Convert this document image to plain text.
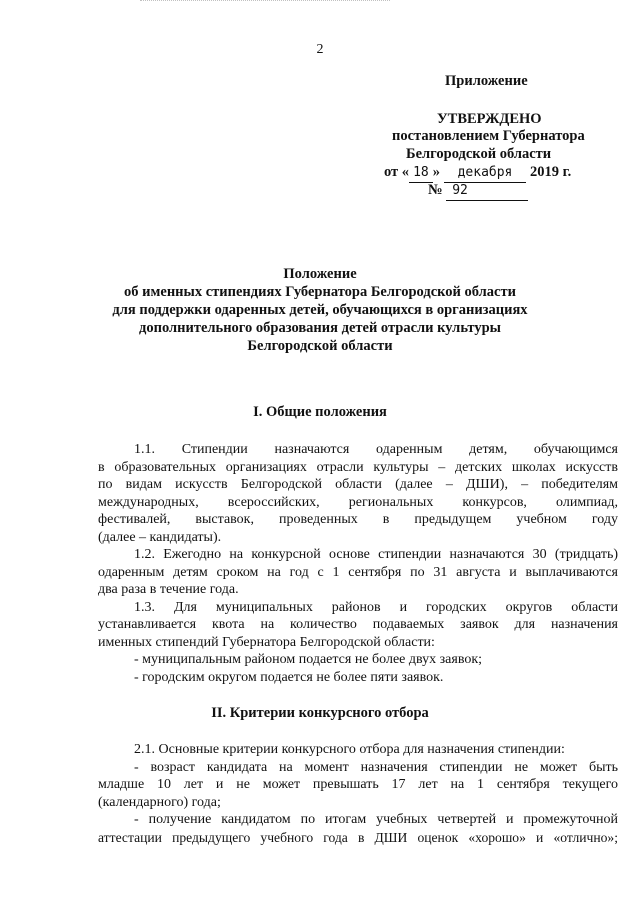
2
Приложение
УТВЕРЖДЕНО
постановлением Губернатора
Белгородской области
от « 18 » декабря 2019 г.
№ 92
Положение
об именных стипендиях Губернатора Белгородской области
для поддержки одаренных детей, обучающихся в организациях
дополнительного образования детей отрасли культуры
Белгородской области
I. Общие положения
1.1. Стипендии назначаются одаренным детям, обучающимся
в образовательных организациях отрасли культуры – детских школах искусств
по видам искусств Белгородской области (далее – ДШИ), – победителям
международных, всероссийских, региональных конкурсов, олимпиад,
фестивалей, выставок, проведенных в предыдущем учебном году
(далее – кандидаты).
1.2. Ежегодно на конкурсной основе стипендии назначаются 30 (тридцать)
одаренным детям сроком на год с 1 сентября по 31 августа и выплачиваются
два раза в течение года.
1.3. Для муниципальных районов и городских округов области
устанавливается квота на количество подаваемых заявок для назначения
именных стипендий Губернатора Белгородской области:
- муниципальным районом подается не более двух заявок;
- городским округом подается не более пяти заявок.
II. Критерии конкурсного отбора
2.1. Основные критерии конкурсного отбора для назначения стипендии:
- возраст кандидата на момент назначения стипендии не может быть
младше 10 лет и не может превышать 17 лет на 1 сентября текущего
(календарного) года;
- получение кандидатом по итогам учебных четвертей и промежуточной
аттестации предыдущего учебного года в ДШИ оценок «хорошо» и «отлично»;
